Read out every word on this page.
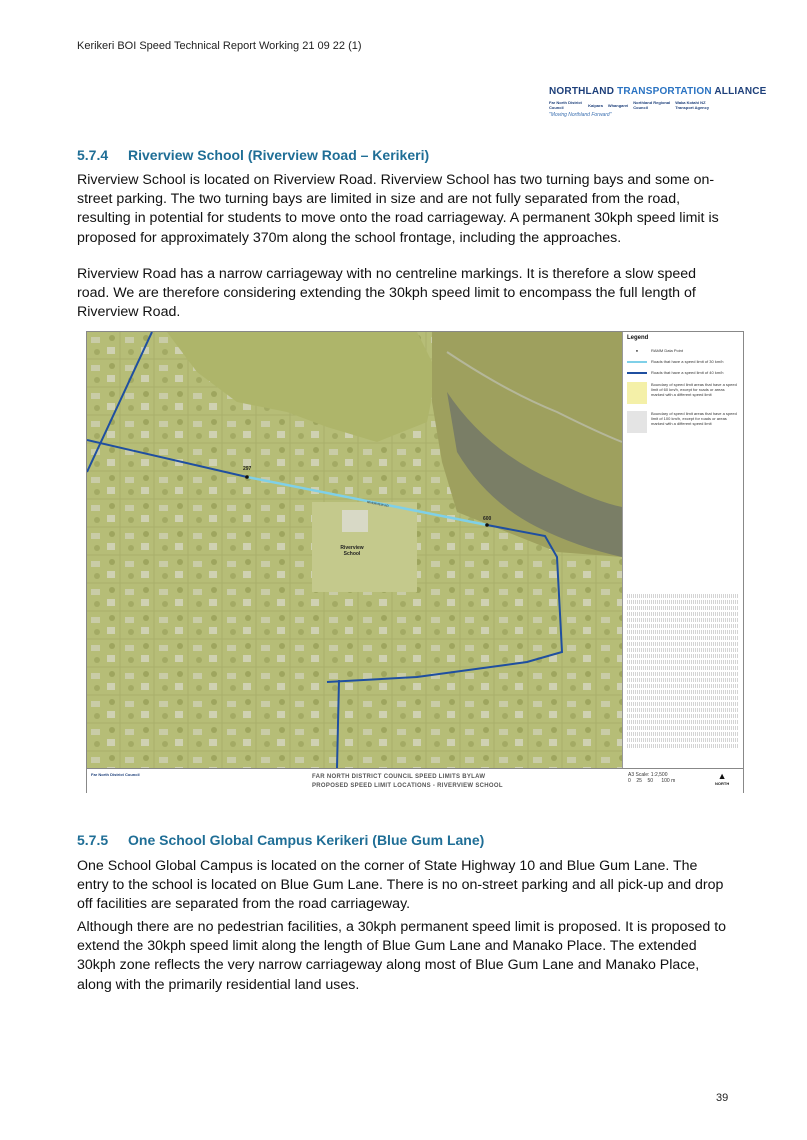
Kerikeri BOI Speed Technical Report Working 21 09 22 (1)
NORTHLAND TRANSPORTATION ALLIANCE
Far North District Council	Kaipara Whangarei Northland Regional Council
Waka Kotahi NZ Transport Agency
"Moving Northland Forward"
5.7.4 Riverview School (Riverview Road – Kerikeri)

Riverview School is located on Riverview Road. Riverview School has two turning bays and some on-street parking. The two turning bays are limited in size and are not fully separated from the road, resulting in potential for students to move onto the road carriageway. A permanent 30kph speed limit is proposed for approximately 370m along the school frontage, including the approaches.

Riverview Road has a narrow carriageway with no centreline markings. It is therefore a slow speed road. We are therefore considering extending the 30kph speed limit to encompass the full length of Riverview Road.

297
600
RIVERVIEW RD
Riverview School
Legend
●	RAMM Data Point
Roads that have a speed limit of 30 km/h
Roads that have a speed limit of 40 km/h
Boundary of speed limit areas that have a speed limit of 60 km/h, except for roads or areas marked with a different speed limit
Boundary of speed limit areas that have a speed limit of 100 km/h, except for roads or areas marked with a different speed limit
Far North District Council	FAR NORTH DISTRICT COUNCIL SPEED LIMITS BYLAW
PROPOSED SPEED LIMIT LOCATIONS - RIVERVIEW SCHOOL
A3 Scale: 1:2,500
0 25 50 100 m	▲
NORTH
5.7.5 One School Global Campus Kerikeri (Blue Gum Lane)

One School Global Campus is located on the corner of State Highway 10 and Blue Gum Lane. The entry to the school is located on Blue Gum Lane. There is no on-street parking and all pick-up and drop off facilities are separated from the road carriageway.

Although there are no pedestrian facilities, a 30kph permanent speed limit is proposed. It is proposed to extend the 30kph speed limit along the length of Blue Gum Lane and Manako Place. The extended 30kph zone reflects the very narrow carriageway along most of Blue Gum Lane and Manako Place, along with the primarily residential land uses.

39
